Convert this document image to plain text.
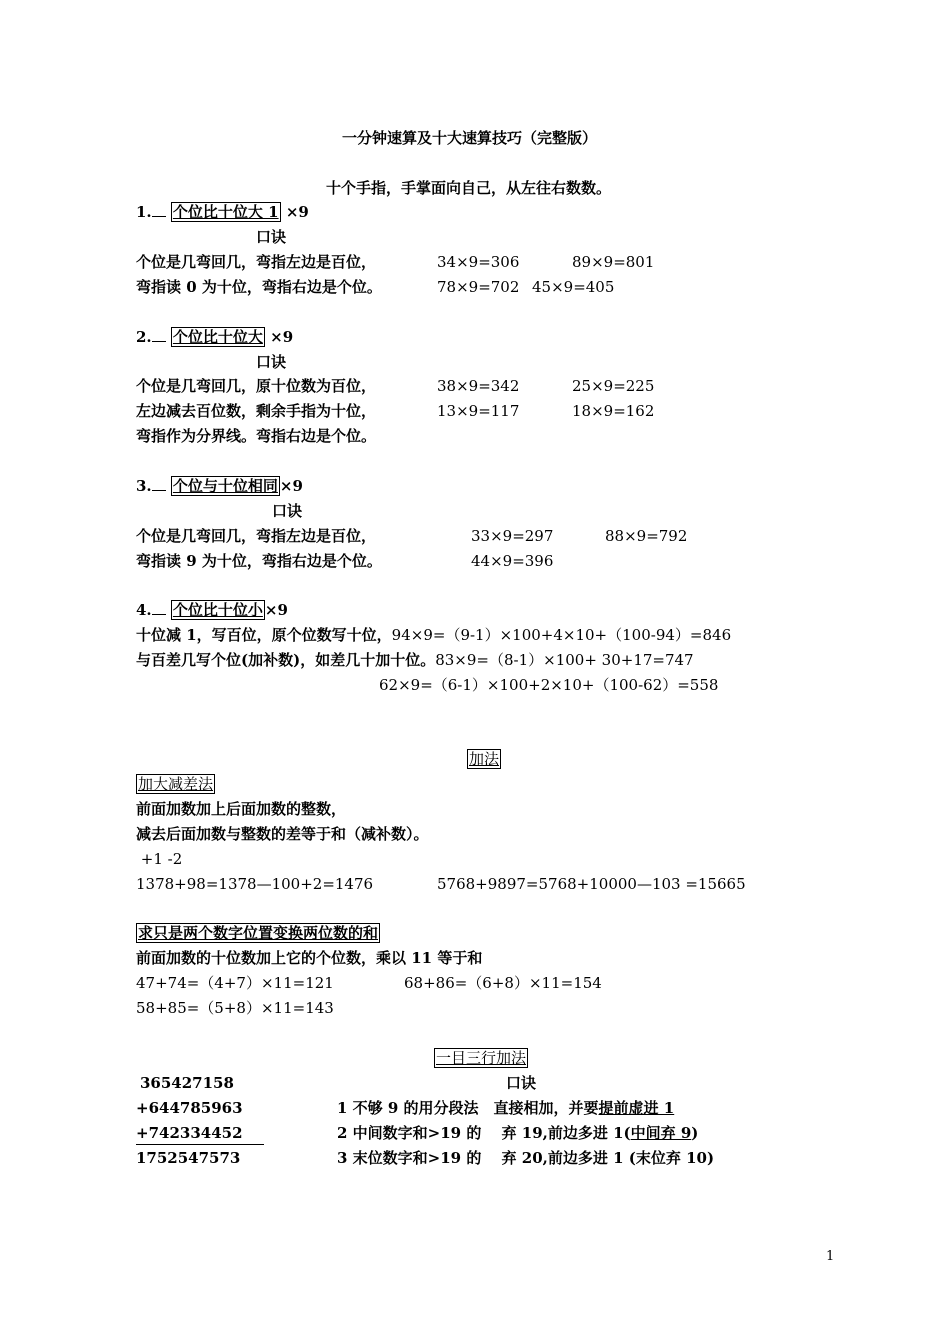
一分钟速算及十大速算技巧（完整版）
十个手指，手掌面向自己，从左往右数数。
1. 个位比十位大 1 ×9
口诀
个位是几弯回几，弯指左边是百位，	34×9=306	89×9=801
弯指读 0 为十位，弯指右边是个位。	78×9=702 45×9=405
2. 个位比十位大 ×9
口诀
个位是几弯回几，原十位数为百位，	38×9=342	25×9=225
左边减去百位数，剩余手指为十位，	13×9=117	18×9=162
弯指作为分界线。弯指右边是个位。
3. 个位与十位相同 ×9
口诀
个位是几弯回几，弯指左边是百位，	33×9=297	88×9=792
弯指读 9 为十位，弯指右边是个位。	44×9=396
4. 个位比十位小 ×9
十位减 1，写百位，原个位数写十位，94×9=（9-1）×100+4×10+（100-94）=846
与百差几写个位(加补数)，如差几十加十位。83×9=（8-1）×100+ 30+17=747
62×9=（6-1）×100+2×10+（100-62）=558
加法
加大减差法
前面加数加上后面加数的整数，
减去后面加数与整数的差等于和（减补数）。
+1 -2
1378+98=1378—100+2=1476	5768+9897=5768+10000—103 =15665
求只是两个数字位置变换两位数的和
前面加数的十位数加上它的个位数，乘以 11 等于和
47+74=（4+7）×11=121	68+86=（6+8）×11=154
58+85=（5+8）×11=143
一目三行加法
365427158	口诀
+644785963	1 不够 9 的用分段法　直接相加，并要提前虚进 1
+742334452	2 中间数字和>19 的　 弃 19,前边多进 1(中间弃 9)
1752547573	3 末位数字和>19 的　 弃 20,前边多进 1 (末位弃 10)
1
